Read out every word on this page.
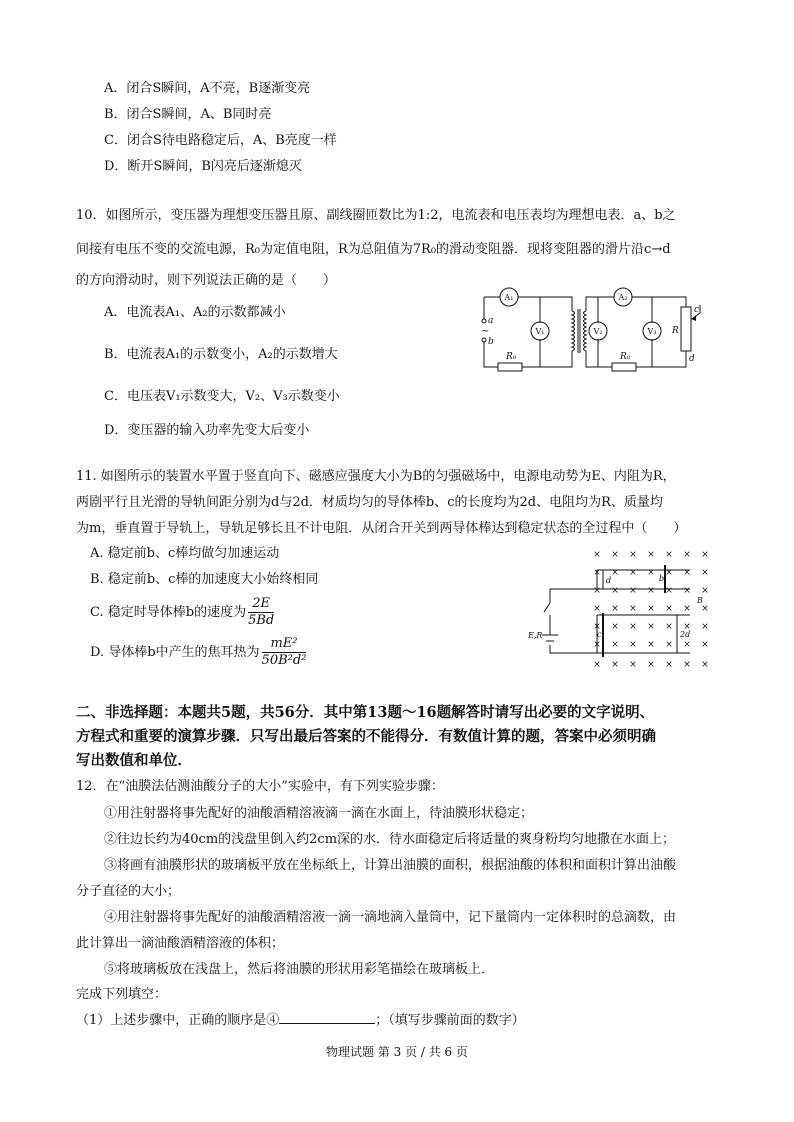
A．闭合S瞬间，A不亮，B逐渐变亮
B．闭合S瞬间，A、B同时亮
C．闭合S待电路稳定后，A、B亮度一样
D．断开S瞬间，B闪亮后逐渐熄灭
10．如图所示，变压器为理想变压器且原、副线圈匝数比为1:2，电流表和电压表均为理想电表．a、b之
间接有电压不变的交流电源，R₀为定值电阻，R为总阻值为7R₀的滑动变阻器．现将变阻器的滑片沿c→d
的方向滑动时，则下列说法正确的是（　　）
A．电流表A₁、A₂的示数都减小
B．电流表A₁的示数变小，A₂的示数增大
C．电压表V₁示数变大，V₂、V₃示数变小
D．变压器的输入功率先变大后变小
A₁	A₂
V₁	V₂	V₃
R₀	R₀
R
a
b
c
d
~
11. 如图所示的装置水平置于竖直向下、磁感应强度大小为B的匀强磁场中，电源电动势为E、内阻为R，
两剧平行且光滑的导轨间距分别为d与2d．材质均匀的导体棒b、c的长度均为2d、电阻均为R、质量均
为m，垂直置于导轨上，导轨足够长且不计电阻．从闭合开关到两导体棒达到稳定状态的全过程中（　　）
A. 稳定前b、c棒均做匀加速运动
B. 稳定前b、c棒的加速度大小始终相同
C. 稳定时导体棒b的速度为 $\frac{2E}{5Bd}$
D. 导体棒b中产生的焦耳热为 $\frac{\text{mE²}}{\text{50B²d²}}$
× × × × × × ×
× × × × × × ×
× × × × × × ×
× × × × × × ×
× × × × × × ×
× × × × × × ×
× × × × × × ×
b
c
B
d
2d
E,R
二、非选择题：本题共5题，共56分．其中第13题～16题解答时请写出必要的文字说明、
方程式和重要的演算步骤．只写出最后答案的不能得分．有数值计算的题，答案中必须明确
写出数值和单位．
12．在“油膜法估测油酸分子的大小”实验中，有下列实验步骤：
①用注射器将事先配好的油酸酒精溶液滴一滴在水面上，待油膜形状稳定；
②往边长约为40cm的浅盘里倒入约2cm深的水．待水面稳定后将适量的爽身粉均匀地撒在水面上；
③将画有油膜形状的玻璃板平放在坐标纸上，计算出油膜的面积，根据油酸的体积和面积计算出油酸
分子直径的大小；
④用注射器将事先配好的油酸酒精溶液一滴一滴地滴入量筒中，记下量筒内一定体积时的总滴数，由
此计算出一滴油酸酒精溶液的体积；
⑤将玻璃板放在浅盘上，然后将油膜的形状用彩笔描绘在玻璃板上．
完成下列填空：
（1）上述步骤中，正确的顺序是④	；（填写步骤前面的数字）
物理试题 第 3 页 / 共 6 页
